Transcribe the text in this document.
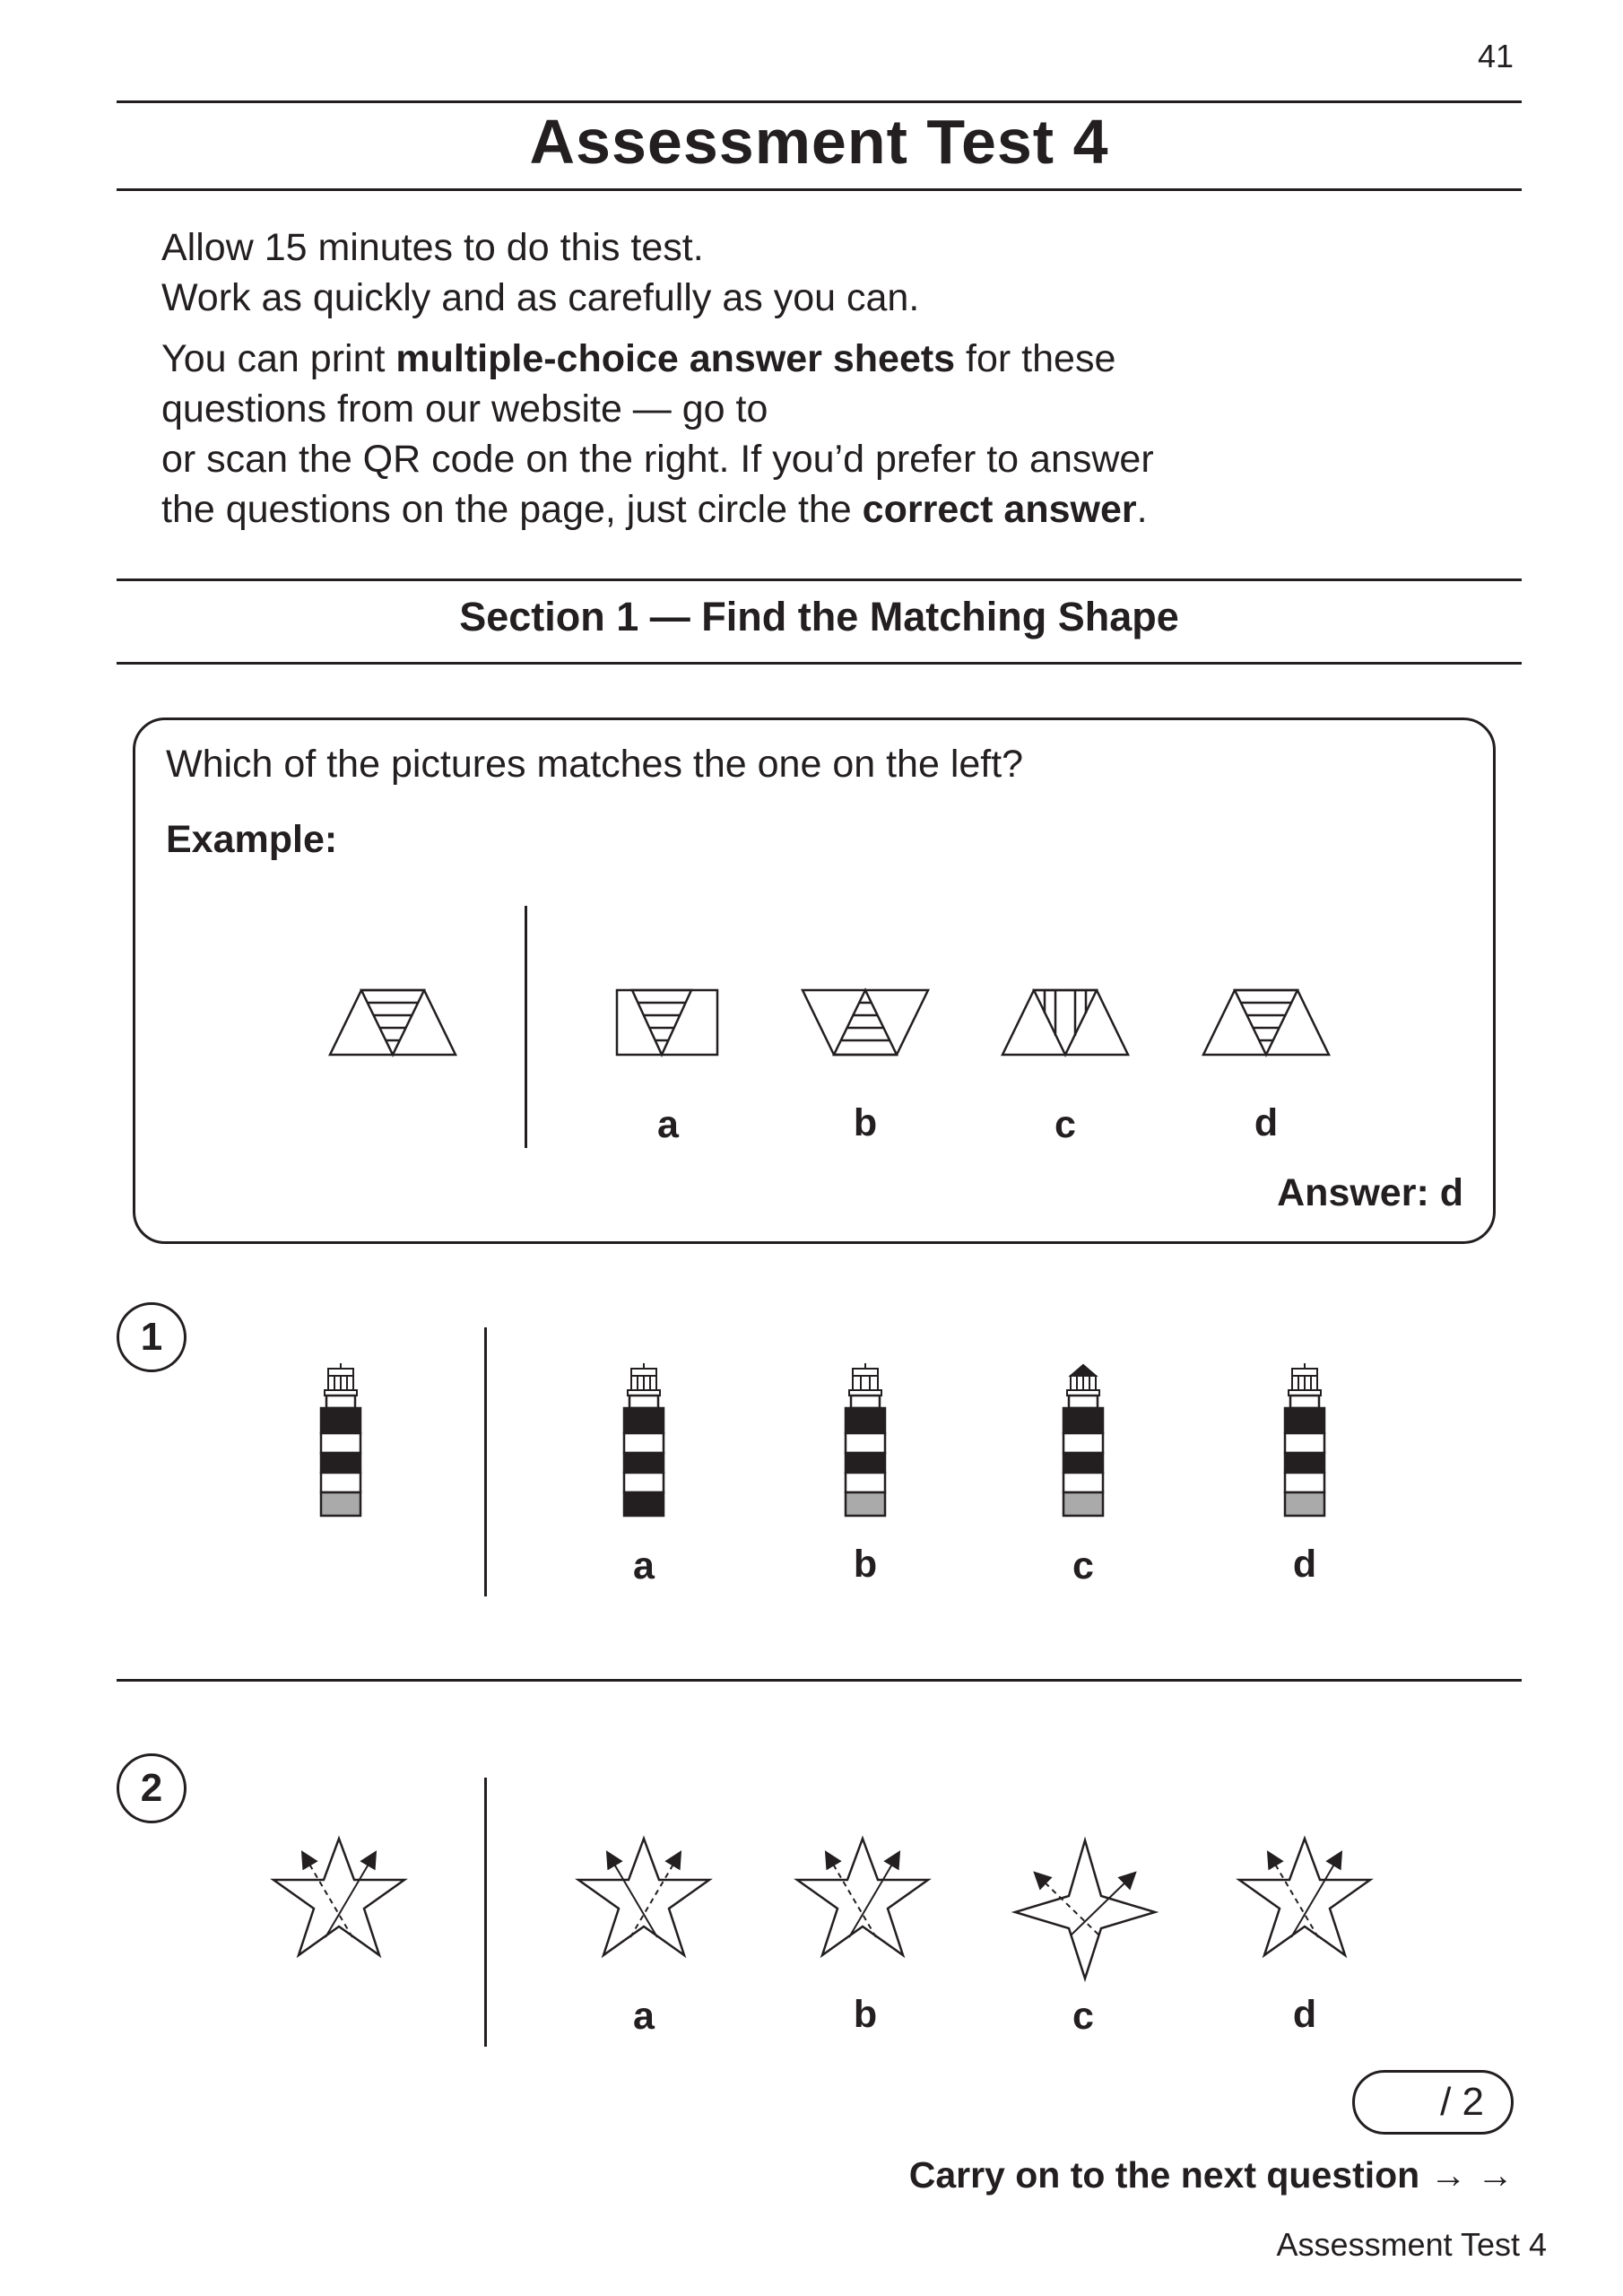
41
Assessment Test 4
Allow 15 minutes to do this test.
Work as quickly and as carefully as you can.
You can print multiple-choice answer sheets for these
questions from our website — go to
or scan the QR code on the right. If you’d prefer to answer
the questions on the page, just circle the correct answer.
Section 1 — Find the Matching Shape
Which of the pictures matches the one on the left?
Example:
a	b	c	d
Answer: d
1
a	b	c	d
2
a	b	c	d
/ 2
Carry on to the next question → →
Assessment Test 4
